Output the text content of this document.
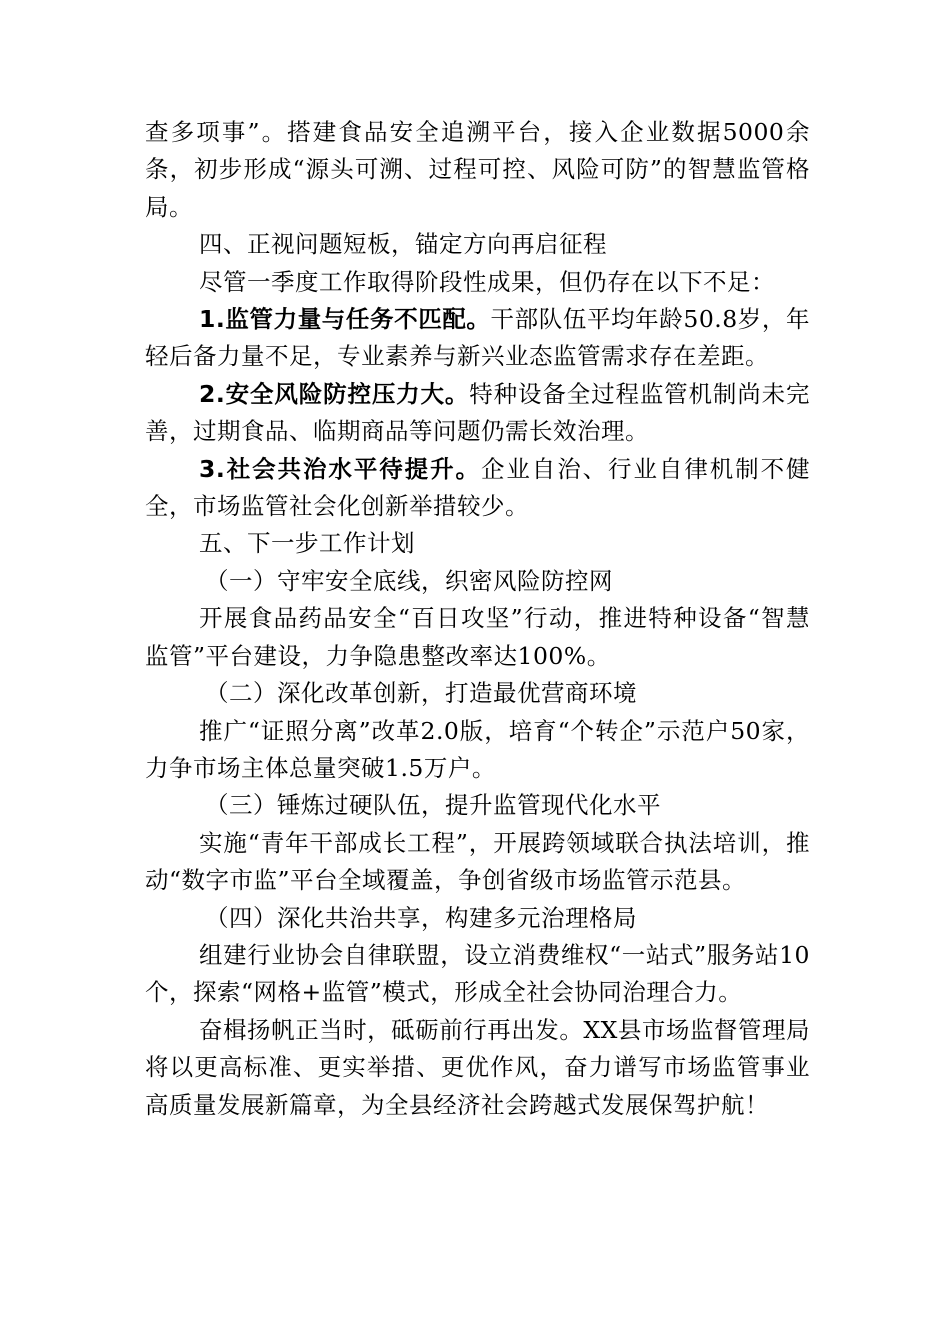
查多项事”。搭建食品安全追溯平台，接入企业数据5000余条，初步形成“源头可溯、过程可控、风险可防”的智慧监管格局。

四、正视问题短板，锚定方向再启征程

尽管一季度工作取得阶段性成果，但仍存在以下不足：

1.监管力量与任务不匹配。干部队伍平均年龄50.8岁，年轻后备力量不足，专业素养与新兴业态监管需求存在差距。

2.安全风险防控压力大。特种设备全过程监管机制尚未完善，过期食品、临期商品等问题仍需长效治理。

3.社会共治水平待提升。企业自治、行业自律机制不健全，市场监管社会化创新举措较少。

五、下一步工作计划

（一）守牢安全底线，织密风险防控网

开展食品药品安全“百日攻坚”行动，推进特种设备“智慧监管”平台建设，力争隐患整改率达100%。

（二）深化改革创新，打造最优营商环境

推广“证照分离”改革2.0版，培育“个转企”示范户50家，力争市场主体总量突破1.5万户。

（三）锤炼过硬队伍，提升监管现代化水平

实施“青年干部成长工程”，开展跨领域联合执法培训，推动“数字市监”平台全域覆盖，争创省级市场监管示范县。

（四）深化共治共享，构建多元治理格局

组建行业协会自律联盟，设立消费维权“一站式”服务站10个，探索“网格+监管”模式，形成全社会协同治理合力。

奋楫扬帆正当时，砥砺前行再出发。XX县市场监督管理局将以更高标准、更实举措、更优作风，奋力谱写市场监管事业高质量发展新篇章，为全县经济社会跨越式发展保驾护航！
